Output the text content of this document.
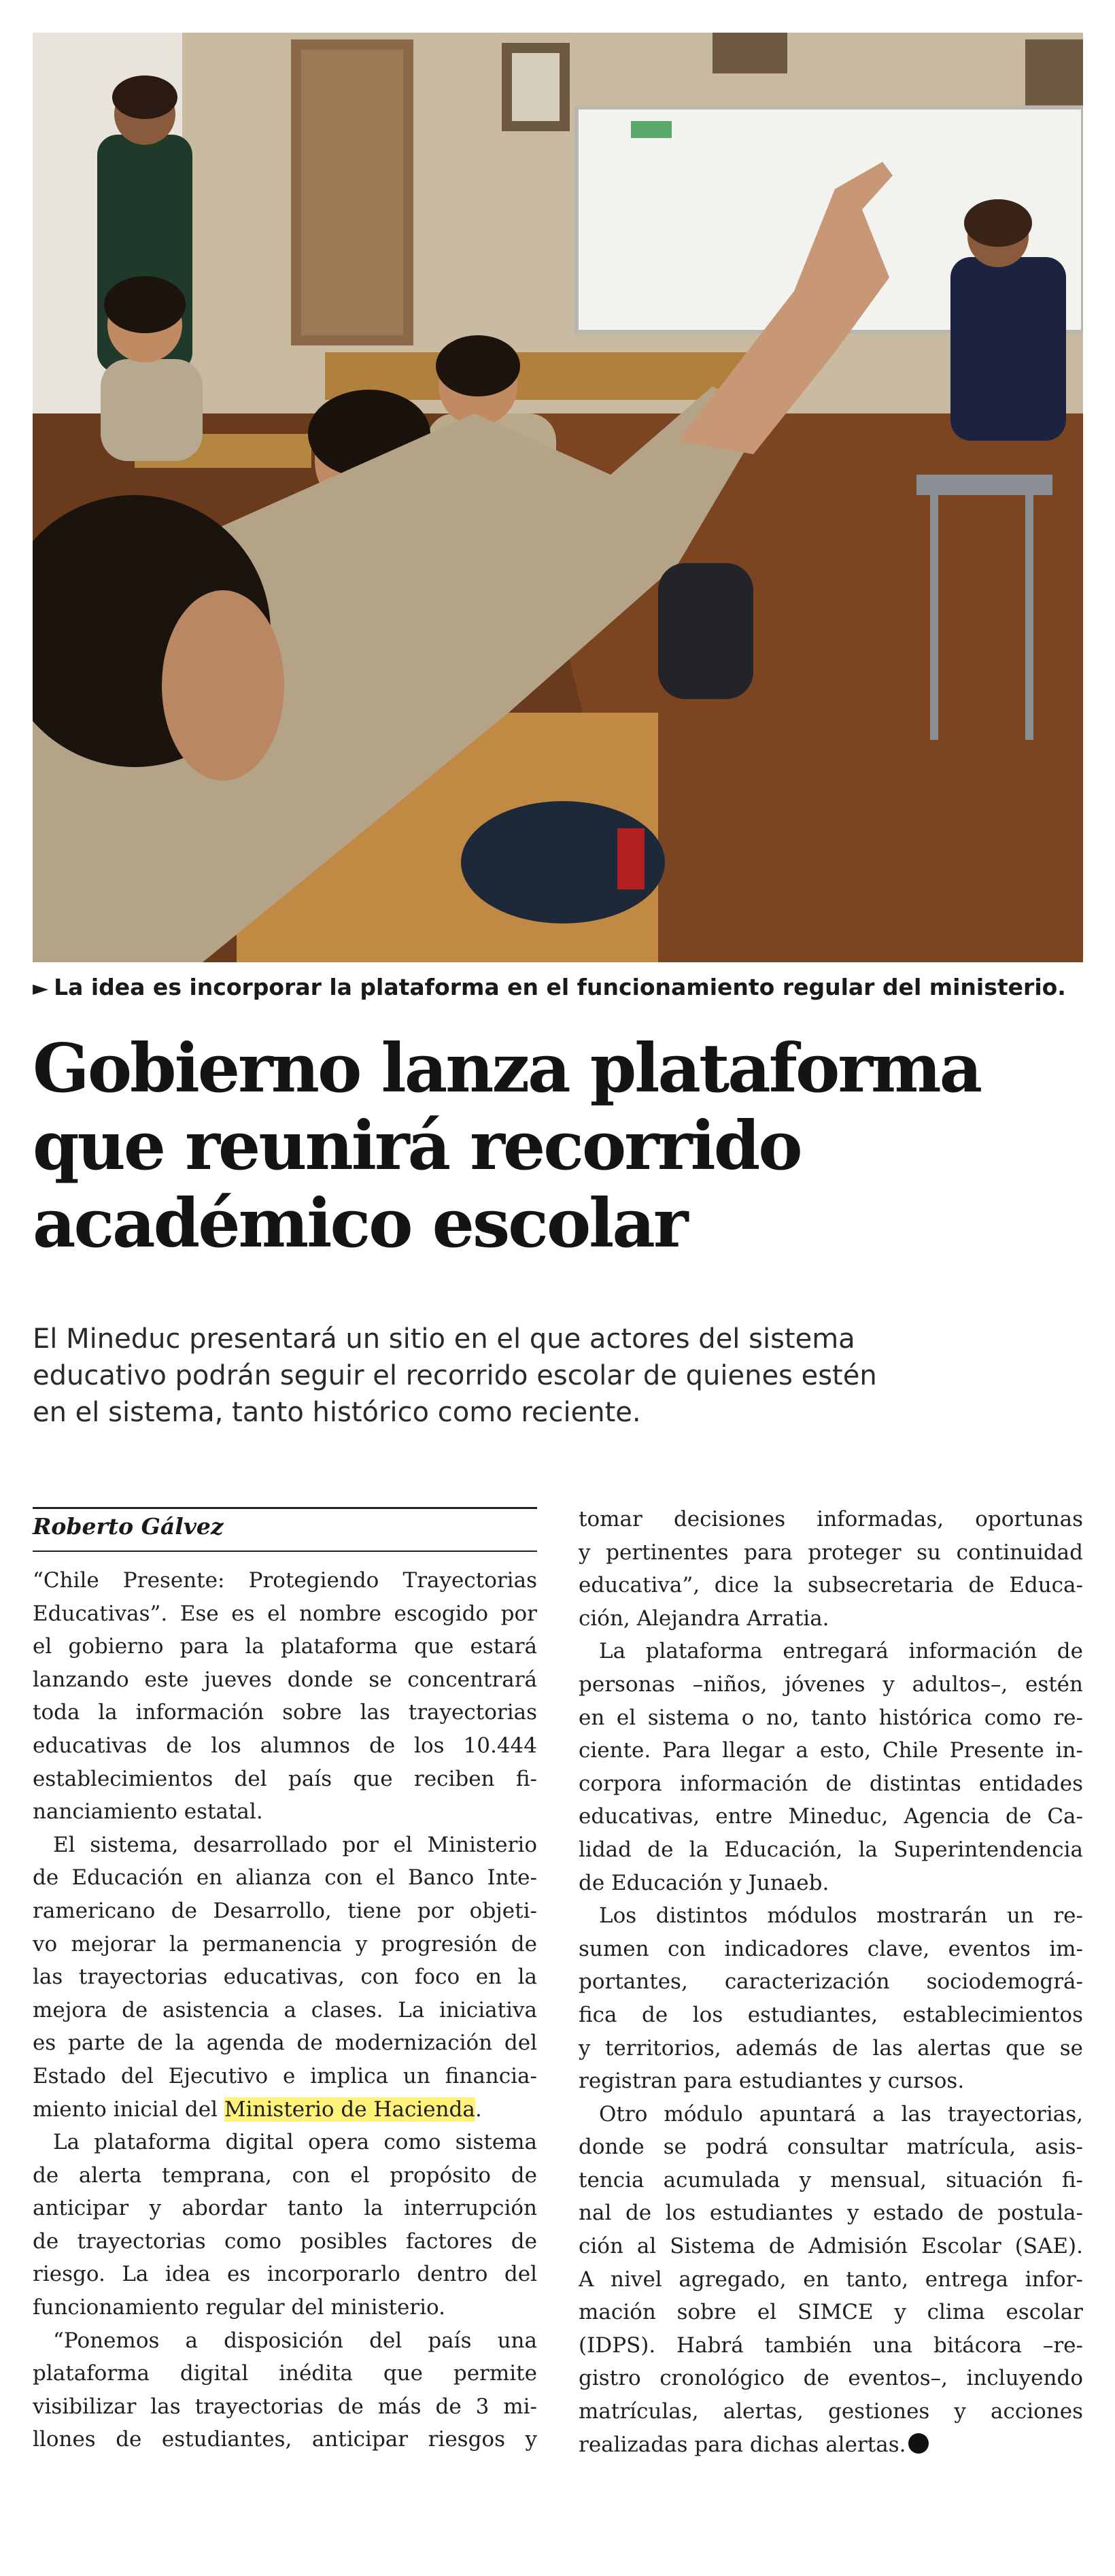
► La idea es incorporar la plataforma en el funcionamiento regular del ministerio.
Gobierno lanza plataforma
que reunirá recorrido
académico escolar
El Mineduc presentará un sitio en el que actores del sistema
educativo podrán seguir el recorrido escolar de quienes estén
en el sistema, tanto histórico como reciente.
Roberto Gálvez

“Chile Presente: Protegiendo Trayectorias
Educativas”. Ese es el nombre escogido por
el gobierno para la plataforma que estará
lanzando este jueves donde se concentrará
toda la información sobre las trayectorias
educativas de los alumnos de los 10.444
establecimientos del país que reciben fi-
nanciamiento estatal.

El sistema, desarrollado por el Ministerio
de Educación en alianza con el Banco Inte-
ramericano de Desarrollo, tiene por objeti-
vo mejorar la permanencia y progresión de
las trayectorias educativas, con foco en la
mejora de asistencia a clases. La iniciativa
es parte de la agenda de modernización del
Estado del Ejecutivo e implica un financia-
miento inicial del Ministerio de Hacienda.

La plataforma digital opera como sistema
de alerta temprana, con el propósito de
anticipar y abordar tanto la interrupción
de trayectorias como posibles factores de
riesgo. La idea es incorporarlo dentro del
funcionamiento regular del ministerio.

“Ponemos a disposición del país una
plataforma digital inédita que permite
visibilizar las trayectorias de más de 3 mi-
llones de estudiantes, anticipar riesgos y

tomar decisiones informadas, oportunas
y pertinentes para proteger su continuidad
educativa”, dice la subsecretaria de Educa-
ción, Alejandra Arratia.

La plataforma entregará información de
personas –niños, jóvenes y adultos–, estén
en el sistema o no, tanto histórica como re-
ciente. Para llegar a esto, Chile Presente in-
corpora información de distintas entidades
educativas, entre Mineduc, Agencia de Ca-
lidad de la Educación, la Superintendencia
de Educación y Junaeb.

Los distintos módulos mostrarán un re-
sumen con indicadores clave, eventos im-
portantes, caracterización sociodemográ-
fica de los estudiantes, establecimientos
y territorios, además de las alertas que se
registran para estudiantes y cursos.

Otro módulo apuntará a las trayectorias,
donde se podrá consultar matrícula, asis-
tencia acumulada y mensual, situación fi-
nal de los estudiantes y estado de postula-
ción al Sistema de Admisión Escolar (SAE).
A nivel agregado, en tanto, entrega infor-
mación sobre el SIMCE y clima escolar
(IDPS). Habrá también una bitácora –re-
gistro cronológico de eventos–, incluyendo
matrículas, alertas, gestiones y acciones
realizadas para dichas alertas.
